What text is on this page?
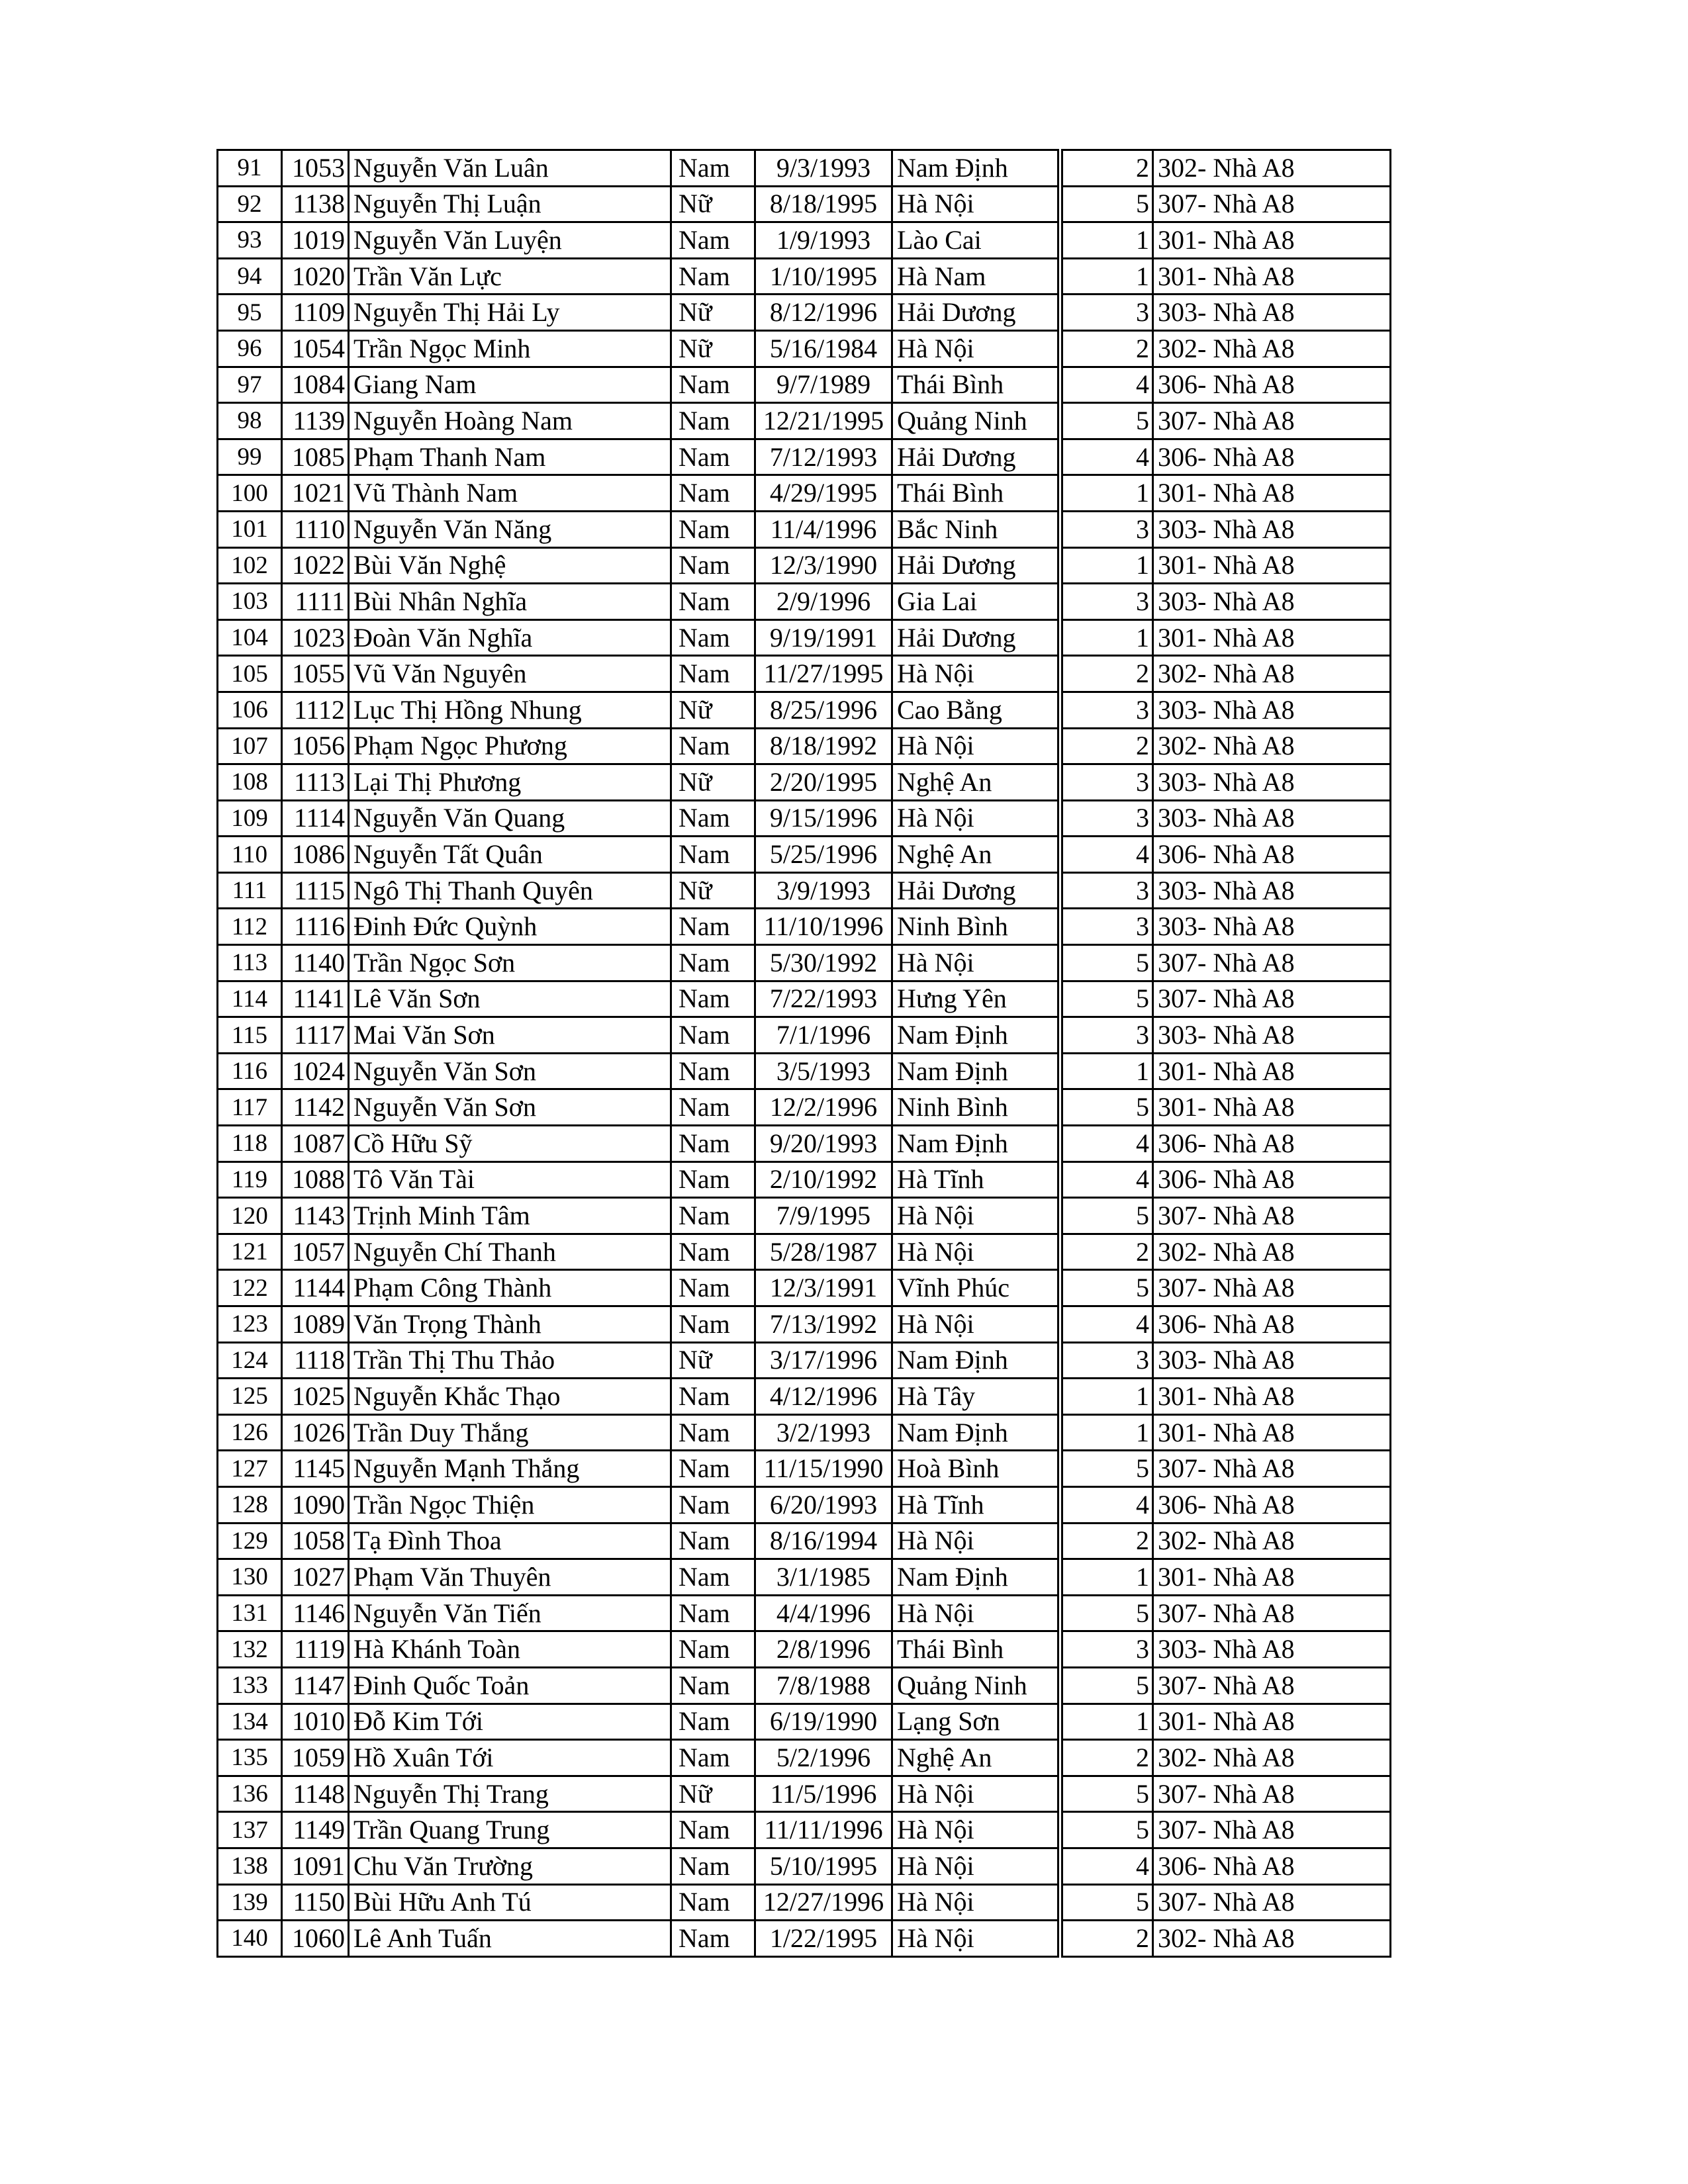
91	1053	Nguyễn Văn Luân	Nam	9/3/1993	Nam Định	2	302- Nhà A8
92	1138	Nguyễn Thị Luận	Nữ	8/18/1995	Hà Nội	5	307- Nhà A8
93	1019	Nguyễn Văn Luyện	Nam	1/9/1993	Lào Cai	1	301- Nhà A8
94	1020	Trần Văn Lực	Nam	1/10/1995	Hà Nam	1	301- Nhà A8
95	1109	Nguyễn Thị Hải Ly	Nữ	8/12/1996	Hải Dương	3	303- Nhà A8
96	1054	Trần Ngọc Minh	Nữ	5/16/1984	Hà Nội	2	302- Nhà A8
97	1084	Giang Nam	Nam	9/7/1989	Thái Bình	4	306- Nhà A8
98	1139	Nguyễn Hoàng Nam	Nam	12/21/1995	Quảng Ninh	5	307- Nhà A8
99	1085	Phạm Thanh Nam	Nam	7/12/1993	Hải Dương	4	306- Nhà A8
100	1021	Vũ Thành Nam	Nam	4/29/1995	Thái Bình	1	301- Nhà A8
101	1110	Nguyễn Văn Năng	Nam	11/4/1996	Bắc Ninh	3	303- Nhà A8
102	1022	Bùi Văn Nghệ	Nam	12/3/1990	Hải Dương	1	301- Nhà A8
103	1111	Bùi Nhân Nghĩa	Nam	2/9/1996	Gia Lai	3	303- Nhà A8
104	1023	Đoàn Văn Nghĩa	Nam	9/19/1991	Hải Dương	1	301- Nhà A8
105	1055	Vũ Văn Nguyên	Nam	11/27/1995	Hà Nội	2	302- Nhà A8
106	1112	Lục Thị Hồng Nhung	Nữ	8/25/1996	Cao Bằng	3	303- Nhà A8
107	1056	Phạm Ngọc Phương	Nam	8/18/1992	Hà Nội	2	302- Nhà A8
108	1113	Lại Thị Phương	Nữ	2/20/1995	Nghệ An	3	303- Nhà A8
109	1114	Nguyễn Văn Quang	Nam	9/15/1996	Hà Nội	3	303- Nhà A8
110	1086	Nguyễn Tất Quân	Nam	5/25/1996	Nghệ An	4	306- Nhà A8
111	1115	Ngô Thị Thanh Quyên	Nữ	3/9/1993	Hải Dương	3	303- Nhà A8
112	1116	Đinh Đức Quỳnh	Nam	11/10/1996	Ninh Bình	3	303- Nhà A8
113	1140	Trần Ngọc Sơn	Nam	5/30/1992	Hà Nội	5	307- Nhà A8
114	1141	Lê Văn Sơn	Nam	7/22/1993	Hưng Yên	5	307- Nhà A8
115	1117	Mai Văn Sơn	Nam	7/1/1996	Nam Định	3	303- Nhà A8
116	1024	Nguyễn Văn Sơn	Nam	3/5/1993	Nam Định	1	301- Nhà A8
117	1142	Nguyễn Văn Sơn	Nam	12/2/1996	Ninh Bình	5	301- Nhà A8
118	1087	Cồ Hữu Sỹ	Nam	9/20/1993	Nam Định	4	306- Nhà A8
119	1088	Tô Văn Tài	Nam	2/10/1992	Hà Tĩnh	4	306- Nhà A8
120	1143	Trịnh Minh Tâm	Nam	7/9/1995	Hà Nội	5	307- Nhà A8
121	1057	Nguyễn Chí Thanh	Nam	5/28/1987	Hà Nội	2	302- Nhà A8
122	1144	Phạm Công Thành	Nam	12/3/1991	Vĩnh Phúc	5	307- Nhà A8
123	1089	Văn Trọng Thành	Nam	7/13/1992	Hà Nội	4	306- Nhà A8
124	1118	Trần Thị Thu Thảo	Nữ	3/17/1996	Nam Định	3	303- Nhà A8
125	1025	Nguyễn Khắc Thạo	Nam	4/12/1996	Hà Tây	1	301- Nhà A8
126	1026	Trần Duy Thắng	Nam	3/2/1993	Nam Định	1	301- Nhà A8
127	1145	Nguyễn Mạnh Thắng	Nam	11/15/1990	Hoà Bình	5	307- Nhà A8
128	1090	Trần Ngọc Thiện	Nam	6/20/1993	Hà Tĩnh	4	306- Nhà A8
129	1058	Tạ Đình Thoa	Nam	8/16/1994	Hà Nội	2	302- Nhà A8
130	1027	Phạm Văn Thuyên	Nam	3/1/1985	Nam Định	1	301- Nhà A8
131	1146	Nguyễn Văn Tiến	Nam	4/4/1996	Hà Nội	5	307- Nhà A8
132	1119	Hà Khánh Toàn	Nam	2/8/1996	Thái Bình	3	303- Nhà A8
133	1147	Đinh Quốc Toản	Nam	7/8/1988	Quảng Ninh	5	307- Nhà A8
134	1010	Đỗ Kim Tới	Nam	6/19/1990	Lạng Sơn	1	301- Nhà A8
135	1059	Hồ Xuân Tới	Nam	5/2/1996	Nghệ An	2	302- Nhà A8
136	1148	Nguyễn Thị Trang	Nữ	11/5/1996	Hà Nội	5	307- Nhà A8
137	1149	Trần Quang Trung	Nam	11/11/1996	Hà Nội	5	307- Nhà A8
138	1091	Chu Văn Trường	Nam	5/10/1995	Hà Nội	4	306- Nhà A8
139	1150	Bùi Hữu Anh Tú	Nam	12/27/1996	Hà Nội	5	307- Nhà A8
140	1060	Lê Anh Tuấn	Nam	1/22/1995	Hà Nội	2	302- Nhà A8
